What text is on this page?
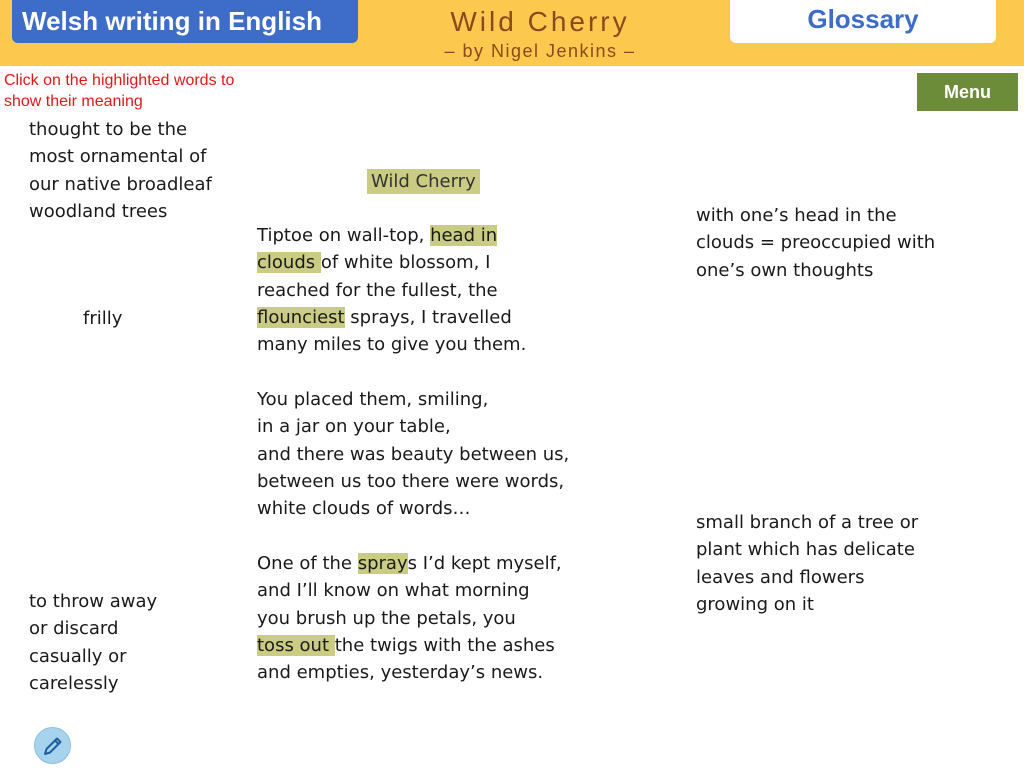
Welsh writing in English	Wild Cherry
– by Nigel Jenkins –
Glossary
Click on the highlighted words to show their meaning	Menu
thought to be the
most ornamental of
our native broadleaf
woodland trees
frilly
to throw away
or discard
casually or
carelessly
with one’s head in the
clouds = preoccupied with
one’s own thoughts
small branch of a tree or
plant which has delicate
leaves and flowers
growing on it
Wild Cherry
Tiptoe on wall-top, head in
clouds of white blossom, I
reached for the fullest, the
flounciest sprays, I travelled
many miles to give you them.
You placed them, smiling,
in a jar on your table,
and there was beauty between us,
between us too there were words,
white clouds of words…
One of the sprays I’d kept myself,
and I’ll know on what morning
you brush up the petals, you
toss out the twigs with the ashes
and empties, yesterday’s news.
